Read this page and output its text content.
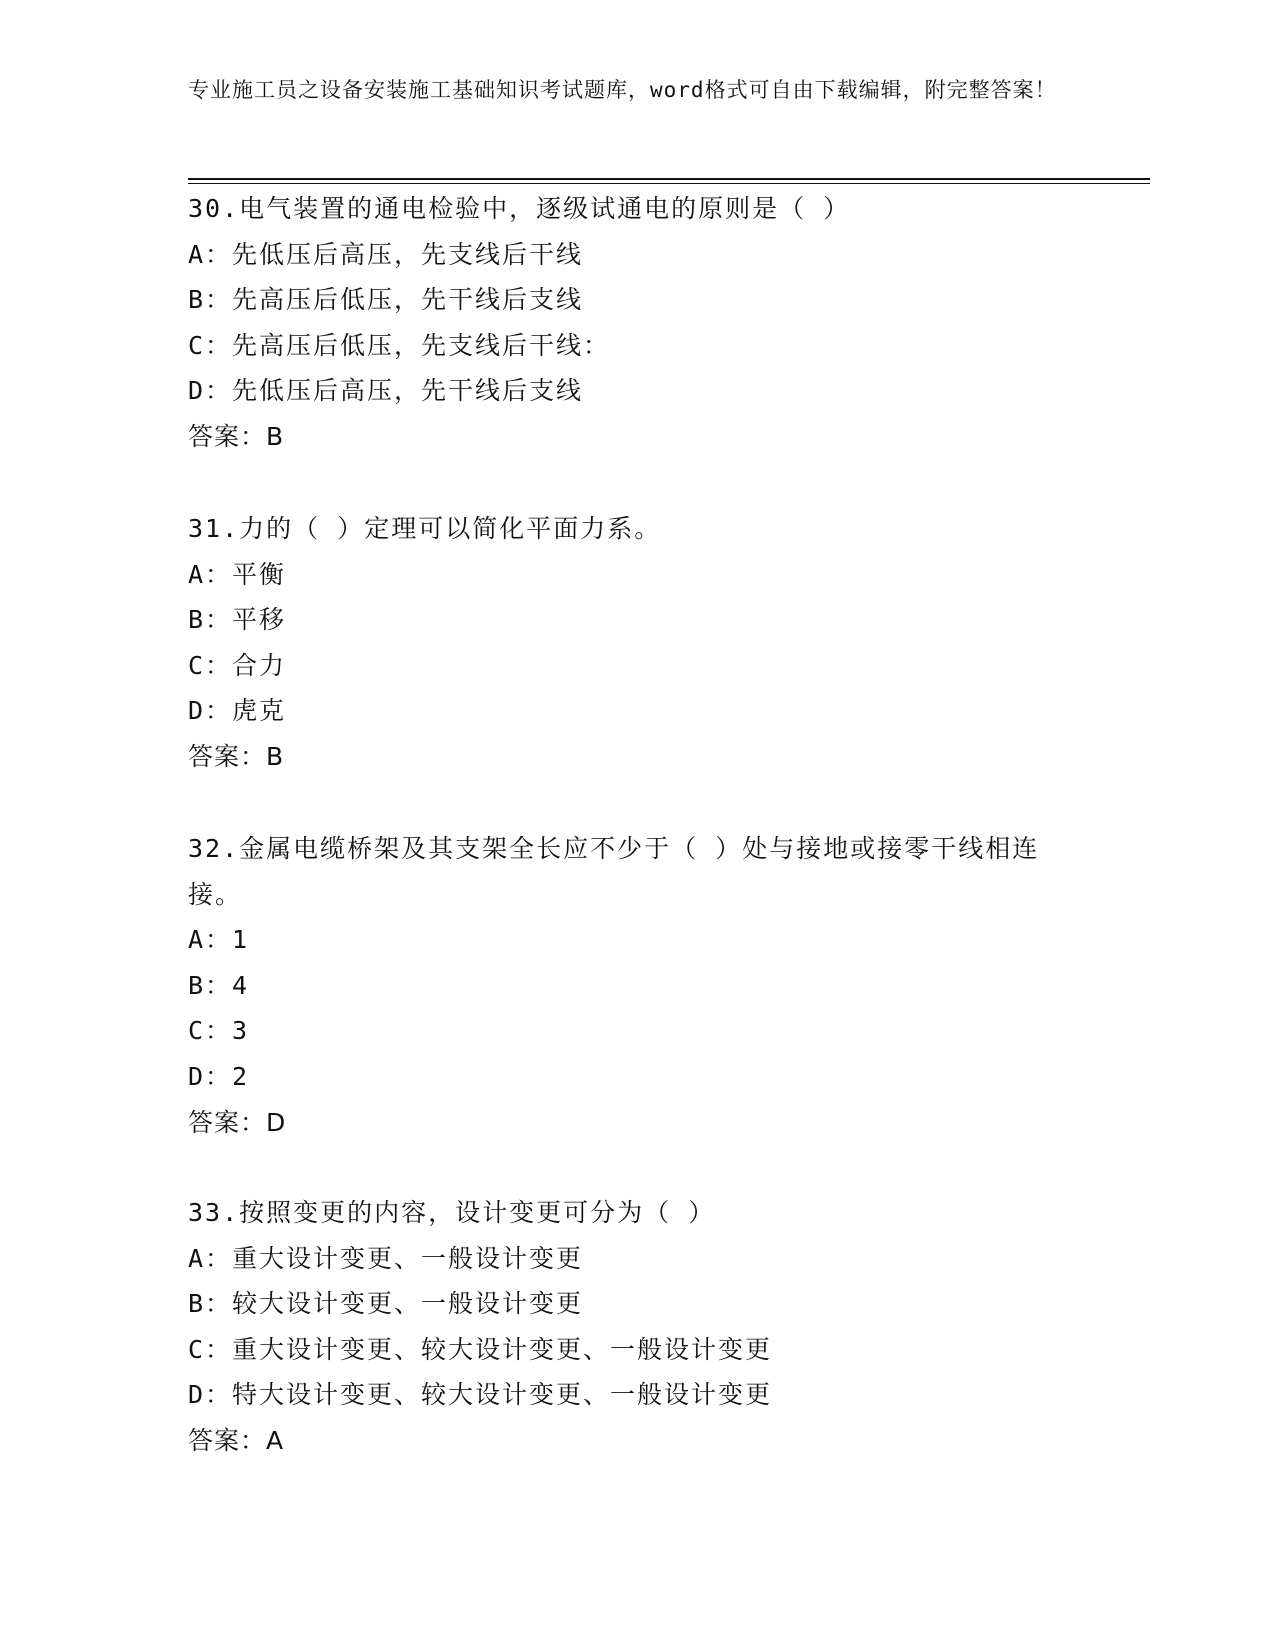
专业施工员之设备安装施工基础知识考试题库，word格式可自由下载编辑，附完整答案！
30.电气装置的通电检验中，逐级试通电的原则是（ ）
A：先低压后高压，先支线后干线
B：先高压后低压，先干线后支线
C：先高压后低压，先支线后干线：
D：先低压后高压，先干线后支线
答案：B
31.力的（ ）定理可以简化平面力系。
A：平衡
B：平移
C：合力
D：虎克
答案：B
32.金属电缆桥架及其支架全长应不少于（ ）处与接地或接零干线相连接。
A：1
B：4
C：3
D：2
答案：D
33.按照变更的内容，设计变更可分为（ ）
A：重大设计变更、一般设计变更
B：较大设计变更、一般设计变更
C：重大设计变更、较大设计变更、一般设计变更
D：特大设计变更、较大设计变更、一般设计变更
答案：A
